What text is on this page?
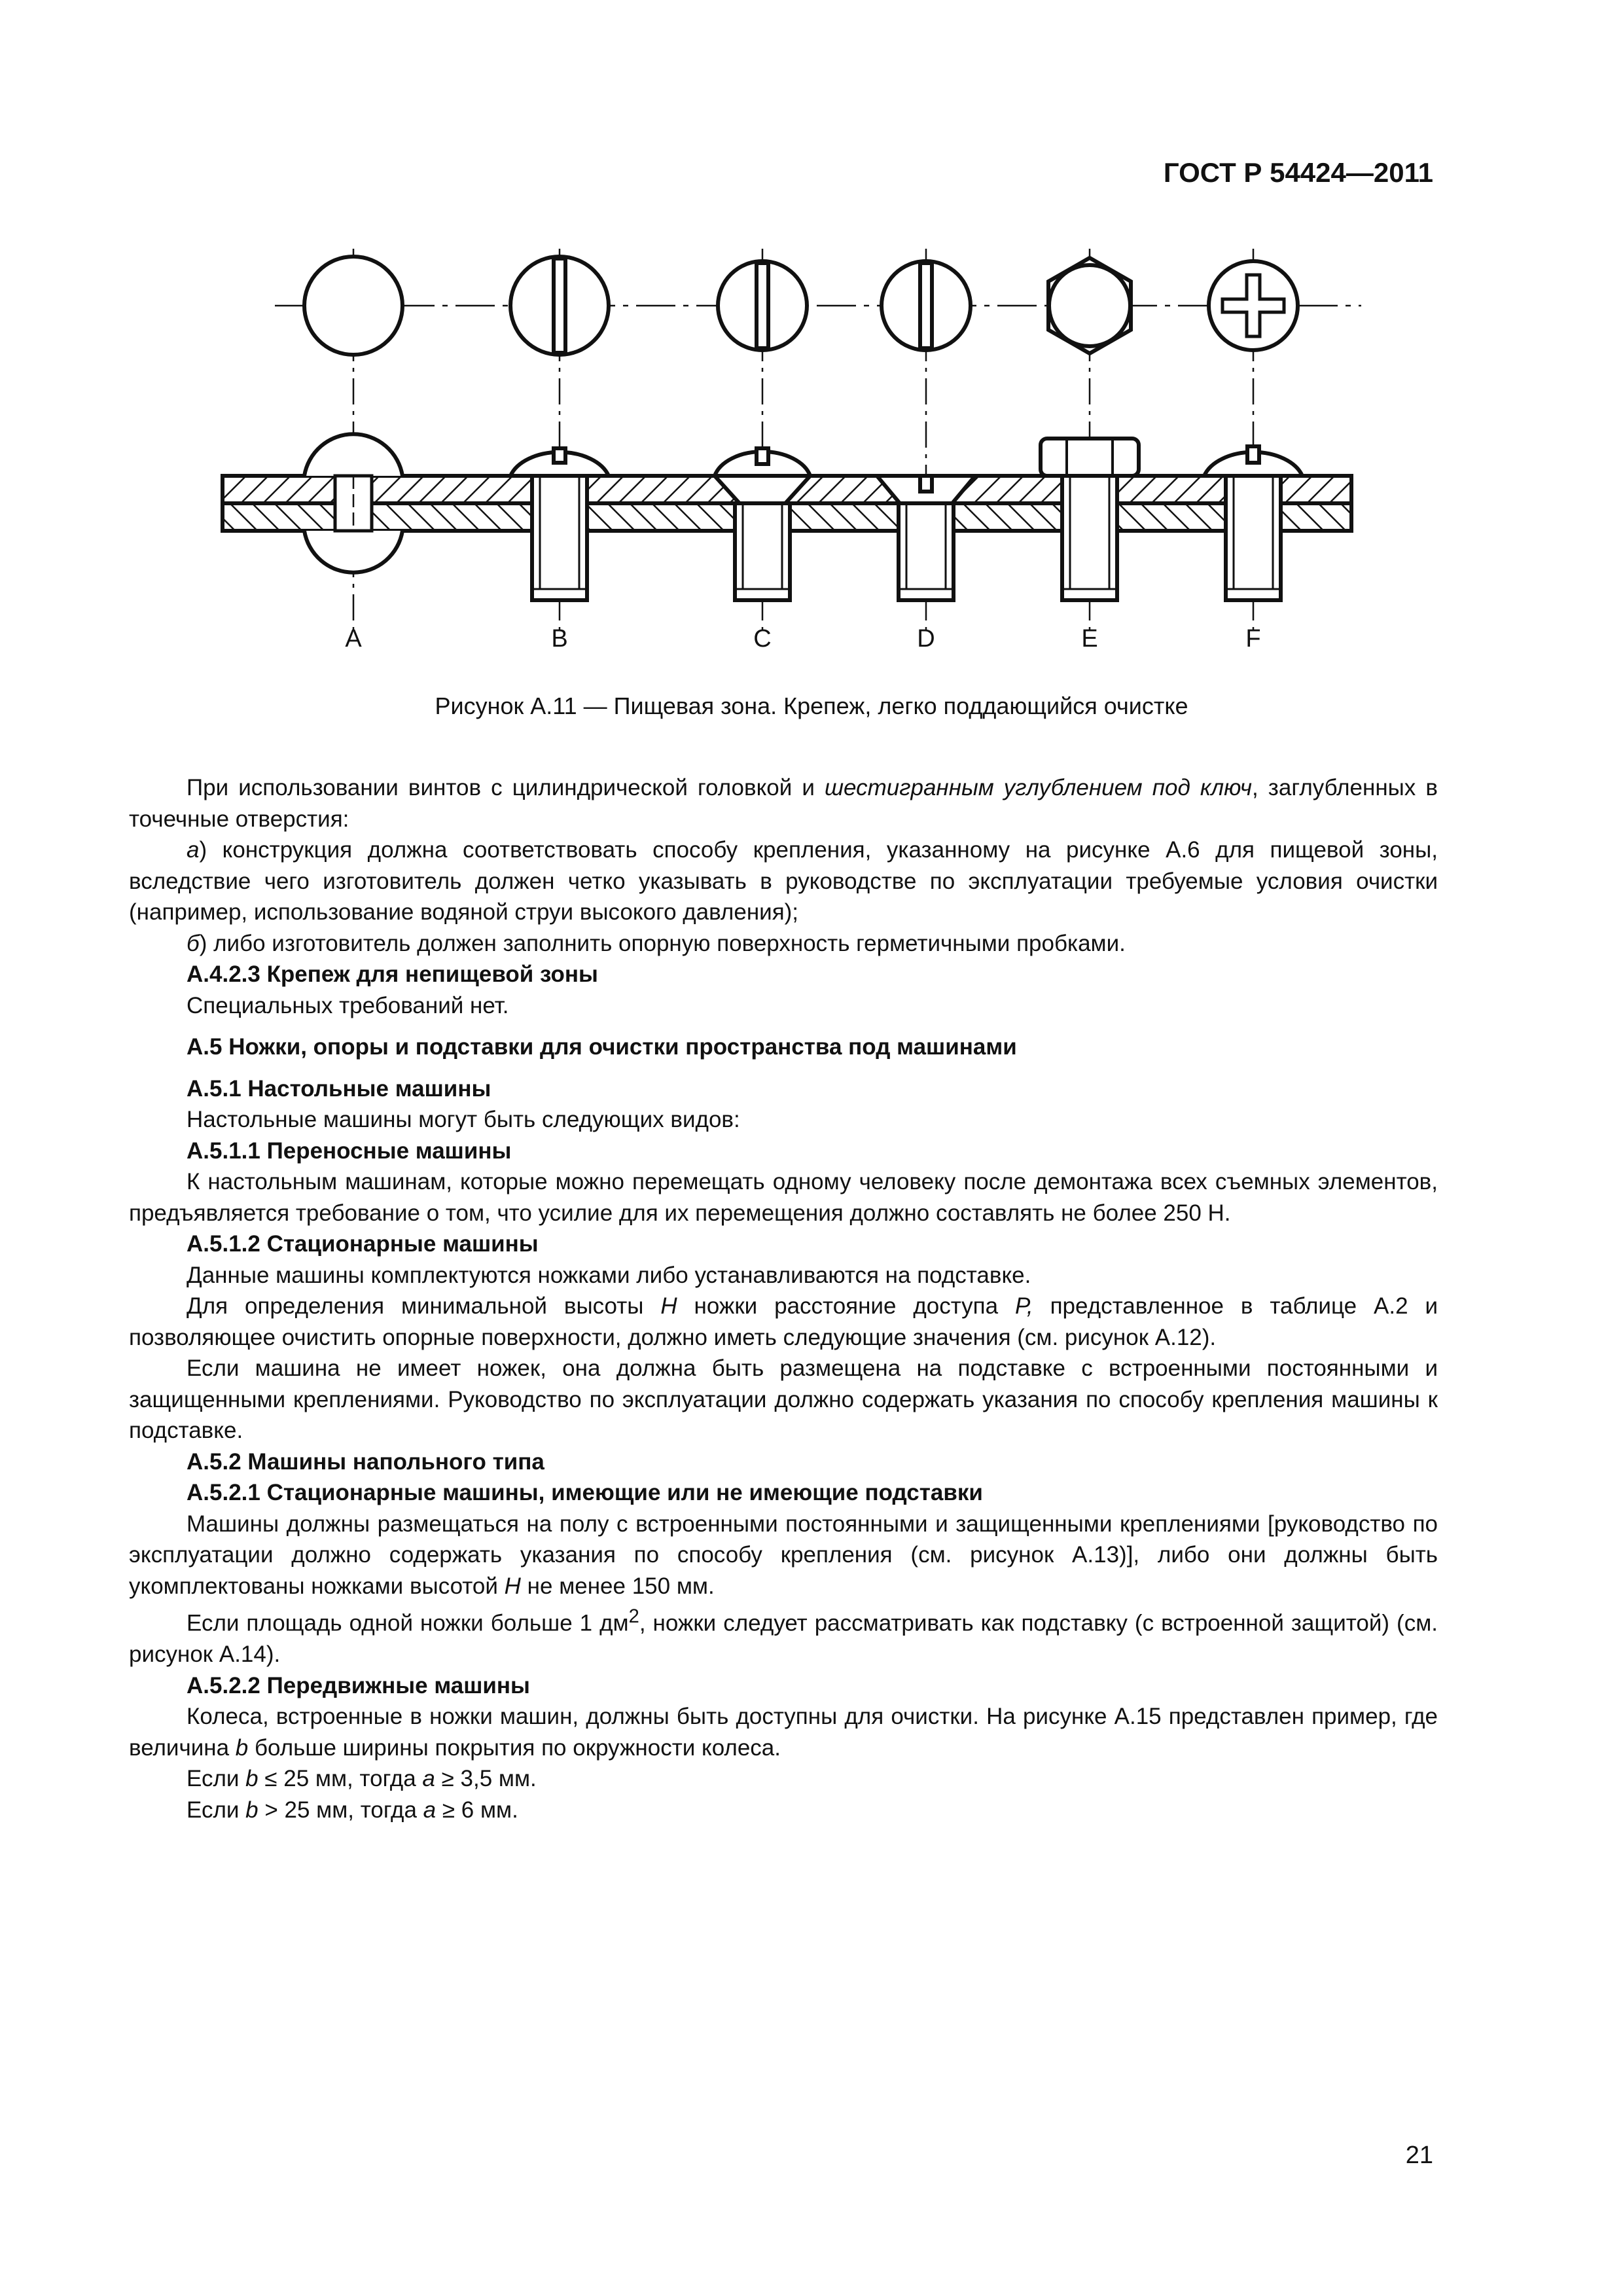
ГОСТ Р 54424—2011
A	B	C	D	E	F
Рисунок А.11 — Пищевая зона. Крепеж, легко поддающийся очистке

При использовании винтов с цилиндрической головкой и шестигранным углублением под ключ, заглубленных в точечные отверстия:

а) конструкция должна соответствовать способу крепления, указанному на рисунке А.6 для пищевой зоны, вследствие чего изготовитель должен четко указывать в руководстве по эксплуатации требуемые условия очистки (например, использование водяной струи высокого давления);

б) либо изготовитель должен заполнить опорную поверхность герметичными пробками.

А.4.2.3 Крепеж для непищевой зоны

Специальных требований нет.

А.5 Ножки, опоры и подставки для очистки пространства под машинами

А.5.1 Настольные машины

Настольные машины могут быть следующих видов:

А.5.1.1 Переносные машины

К настольным машинам, которые можно перемещать одному человеку после демонтажа всех съемных элементов, предъявляется требование о том, что усилие для их перемещения должно составлять не более 250 Н.

А.5.1.2 Стационарные машины

Данные машины комплектуются ножками либо устанавливаются на подставке.

Для определения минимальной высоты Н ножки расстояние доступа Р, представленное в таблице А.2 и позволяющее очистить опорные поверхности, должно иметь следующие значения (см. рисунок А.12).

Если машина не имеет ножек, она должна быть размещена на подставке с встроенными постоянными и защищенными креплениями. Руководство по эксплуатации должно содержать указания по способу крепления машины к подставке.

А.5.2 Машины напольного типа

А.5.2.1 Стационарные машины, имеющие или не имеющие подставки

Машины должны размещаться на полу с встроенными постоянными и защищенными креплениями [руководство по эксплуатации должно содержать указания по способу крепления (см. рисунок А.13)], либо они должны быть укомплектованы ножками высотой Н не менее 150 мм.

Если площадь одной ножки больше 1 $дм^2$, ножки следует рассматривать как подставку (с встроенной защитой) (см. рисунок А.14).

А.5.2.2 Передвижные машины

Колеса, встроенные в ножки машин, должны быть доступны для очистки. На рисунке А.15 представлен пример, где величина b больше ширины покрытия по окружности колеса.

Если b ≤ 25 мм, тогда а ≥ 3,5 мм.

Если b > 25 мм, тогда а ≥ 6 мм.

21
